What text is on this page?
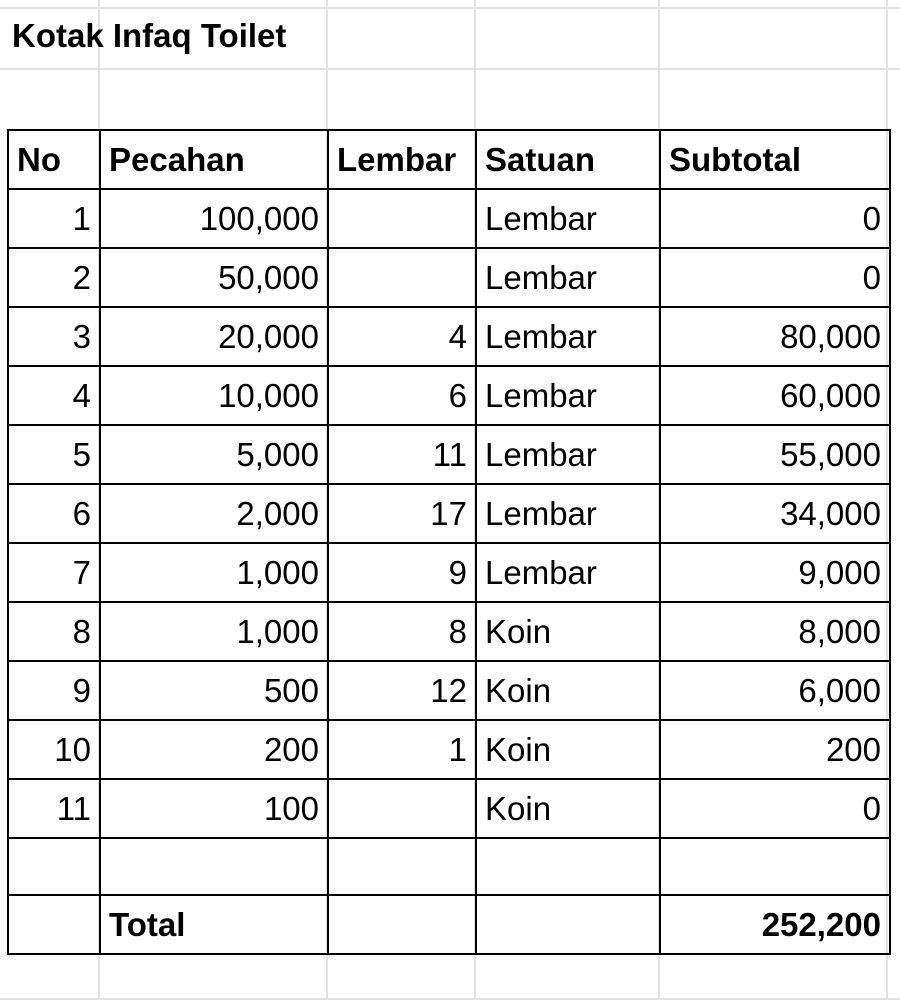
Kotak Infaq Toilet
No	Pecahan	Lembar	Satuan	Subtotal
1	100,000		Lembar	0
2	50,000		Lembar	0
3	20,000	4	Lembar	80,000
4	10,000	6	Lembar	60,000
5	5,000	11	Lembar	55,000
6	2,000	17	Lembar	34,000
7	1,000	9	Lembar	9,000
8	1,000	8	Koin	8,000
9	500	12	Koin	6,000
10	200	1	Koin	200
11	100		Koin	0

	Total			252,200
